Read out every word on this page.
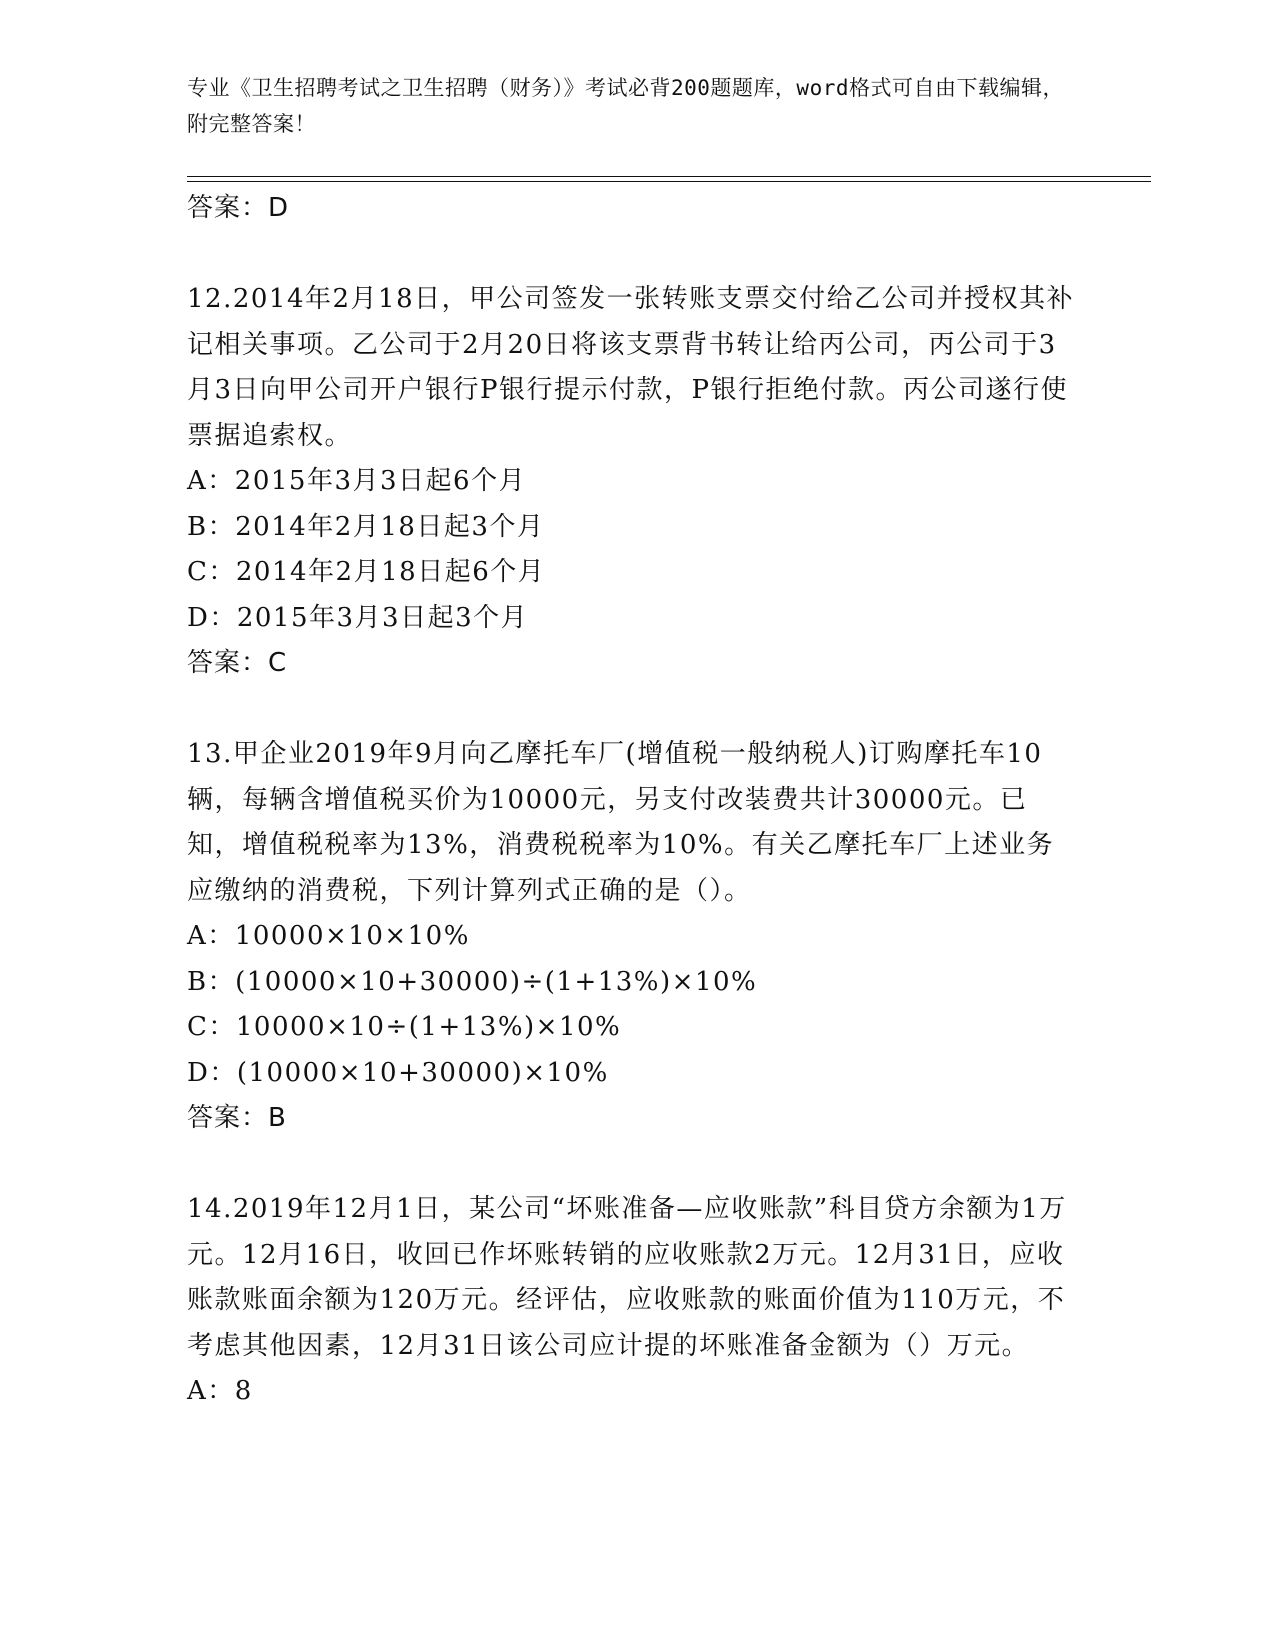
专业《卫生招聘考试之卫生招聘（财务）》考试必背200题题库，word格式可自由下载编辑，附完整答案！
答案：D

12.2014年2月18日，甲公司签发一张转账支票交付给乙公司并授权其补记相关事项。乙公司于2月20日将该支票背书转让给丙公司，丙公司于3月3日向甲公司开户银行P银行提示付款，P银行拒绝付款。丙公司遂行使票据追索权。

A：2015年3月3日起6个月

B：2014年2月18日起3个月

C：2014年2月18日起6个月

D：2015年3月3日起3个月

答案：C

13.甲企业2019年9月向乙摩托车厂(增值税一般纳税人)订购摩托车10辆，每辆含增值税买价为10000元，另支付改装费共计30000元。已知，增值税税率为13%，消费税税率为10%。有关乙摩托车厂上述业务应缴纳的消费税，下列计算列式正确的是（）。

A：10000×10×10%

B：(10000×10+30000)÷(1+13%)×10%

C：10000×10÷(1+13%)×10%

D：(10000×10+30000)×10%

答案：B

14.2019年12月1日，某公司“坏账准备—应收账款”科目贷方余额为1万元。12月16日，收回已作坏账转销的应收账款2万元。12月31日，应收账款账面余额为120万元。经评估，应收账款的账面价值为110万元，不考虑其他因素，12月31日该公司应计提的坏账准备金额为（）万元。

A：8
